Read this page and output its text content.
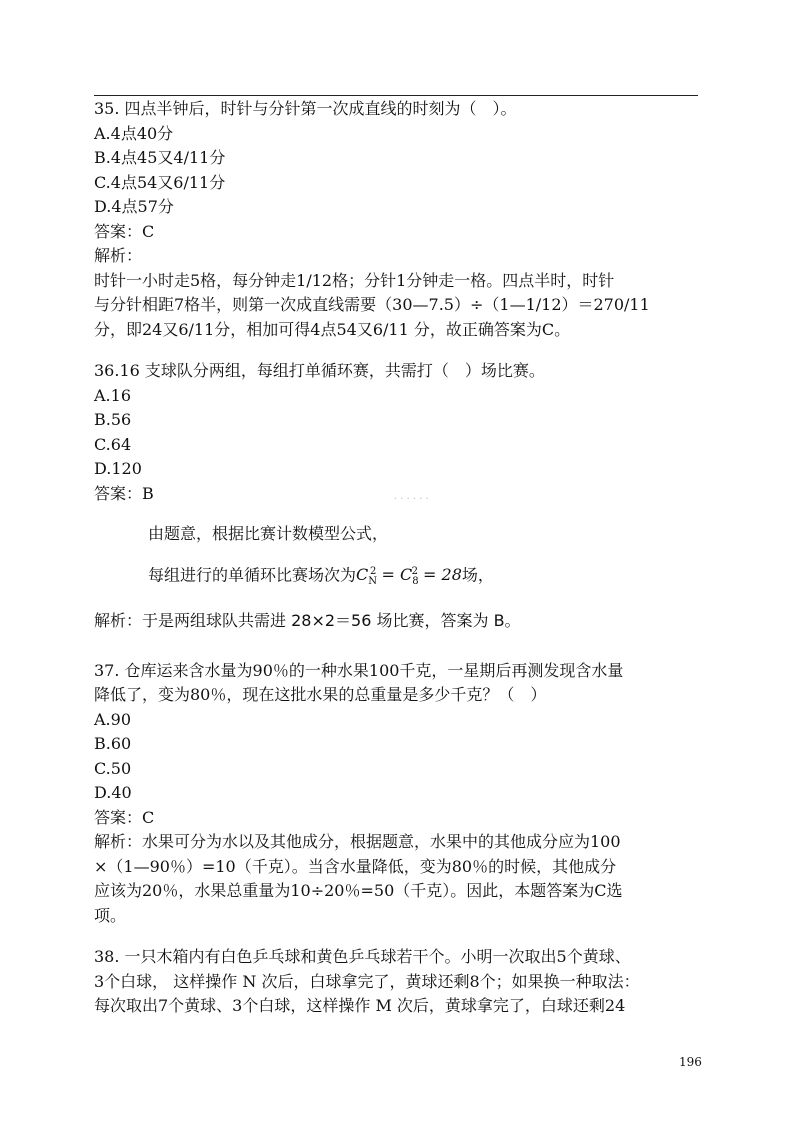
35. 四点半钟后，时针与分针第一次成直线的时刻为（　）。
A.4点40分
B.4点45又4/11分
C.4点54又6/11分
D.4点57分
答案：C
解析：
时针一小时走5格，每分钟走1/12格；分针1分钟走一格。四点半时，时针
与分针相距7格半，则第一次成直线需要（30—7.5）÷（1—1/12）＝270/11
分，即24又6/11分，相加可得4点54又6/11 分，故正确答案为C。
36.16 支球队分两组，每组打单循环赛，共需打（　）场比赛。
A.16
B.56
C.64
D.120
答案：B	. . . . . .
由题意，根据比赛计数模型公式，
每组进行的单循环比赛场次为$C_N^2 = C_8^2 = 28$场，
解析：于是两组球队共需进 28×2＝56 场比赛，答案为 B。
37. 仓库运来含水量为90％的一种水果100千克，一星期后再测发现含水量
降低了，变为80％，现在这批水果的总重量是多少千克？（　）
A.90
B.60
C.50
D.40
答案：C
解析：水果可分为水以及其他成分，根据题意，水果中的其他成分应为100
×（1—90％）=10（千克）。当含水量降低，变为80％的时候，其他成分
应该为20％，水果总重量为10÷20％=50（千克）。因此，本题答案为C选
项。
38. 一只木箱内有白色乒乓球和黄色乒乓球若干个。小明一次取出5个黄球、
3个白球， 这样操作 N 次后，白球拿完了，黄球还剩8个；如果换一种取法：
每次取出7个黄球、3个白球，这样操作 M 次后，黄球拿完了，白球还剩24
196
